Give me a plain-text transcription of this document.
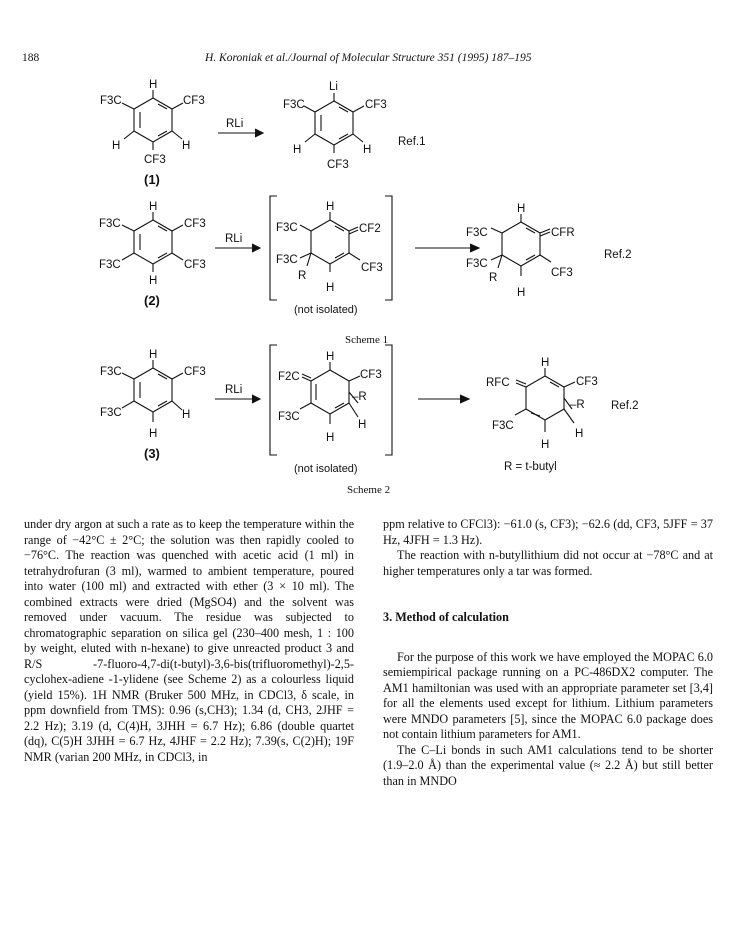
188	H. Koroniak et al./Journal of Molecular Structure 351 (1995) 187–195
H
F3C	CF3
H	H
CF3
(1)
RLi
Li
F3C	CF3
H	H
CF3
Ref.1
H
F3C	CF3
F3C	CF3
H
(2)
RLi
H
F3C	CF2
F3C
R
CF3
H
(not isolated)
H
F3C	CFR
F3C
R	CF3
H
Ref.2
Scheme 1
H
F3C	CF3
F3C	H
H
(3)
RLi
H
F2C	CF3
–R
F3C
H
H
(not isolated)
H
RFC	CF3
–R
F3C
H
H
Ref.2
R = t-butyl
Scheme 2

under dry argon at such a rate as to keep the temperature within the range of −42°C ± 2°C; the solution was then rapidly cooled to −76°C. The reaction was quenched with acetic acid (1 ml) in tetrahydrofuran (3 ml), warmed to ambient temperature, poured into water (100 ml) and extracted with ether (3 × 10 ml). The combined extracts were dried (MgSO4) and the solvent was removed under vacuum. The residue was subjected to chromatographic separation on silica gel (230–400 mesh, 1 : 100 by weight, eluted with n-hexane) to give unreacted product 3 and R/S -7-fluoro-4,7-di(t-butyl)-3,6-bis(trifluoromethyl)-2,5-cyclohex-adiene -1-ylidene (see Scheme 2) as a colourless liquid (yield 15%). 1H NMR (Bruker 500 MHz, in CDCl3, δ scale, in ppm downfield from TMS): 0.96 (s,CH3); 1.34 (d, CH3, 2JHF = 2.2 Hz); 3.19 (d, C(4)H, 3JHH = 6.7 Hz); 6.86 (double quartet (dq), C(5)H 3JHH = 6.7 Hz, 4JHF = 2.2 Hz); 7.39(s, C(2)H); 19F NMR (varian 200 MHz, in CDCl3, in

ppm relative to CFCl3): −61.0 (s, CF3); −62.6 (dd, CF3, 5JFF = 37 Hz, 4JFH = 1.3 Hz).

The reaction with n-butyllithium did not occur at −78°C and at higher temperatures only a tar was formed.

3. Method of calculation

For the purpose of this work we have employed the MOPAC 6.0 semiempirical package running on a PC-486DX2 computer. The AM1 hamiltonian was used with an appropriate parameter set [3,4] for all the elements used except for lithium. Lithium parameters were MNDO parameters [5], since the MOPAC 6.0 package does not contain lithium parameters for AM1.

The C–Li bonds in such AM1 calculations tend to be shorter (1.9–2.0 Å) than the experimental value (≈ 2.2 Å) but still better than in MNDO
